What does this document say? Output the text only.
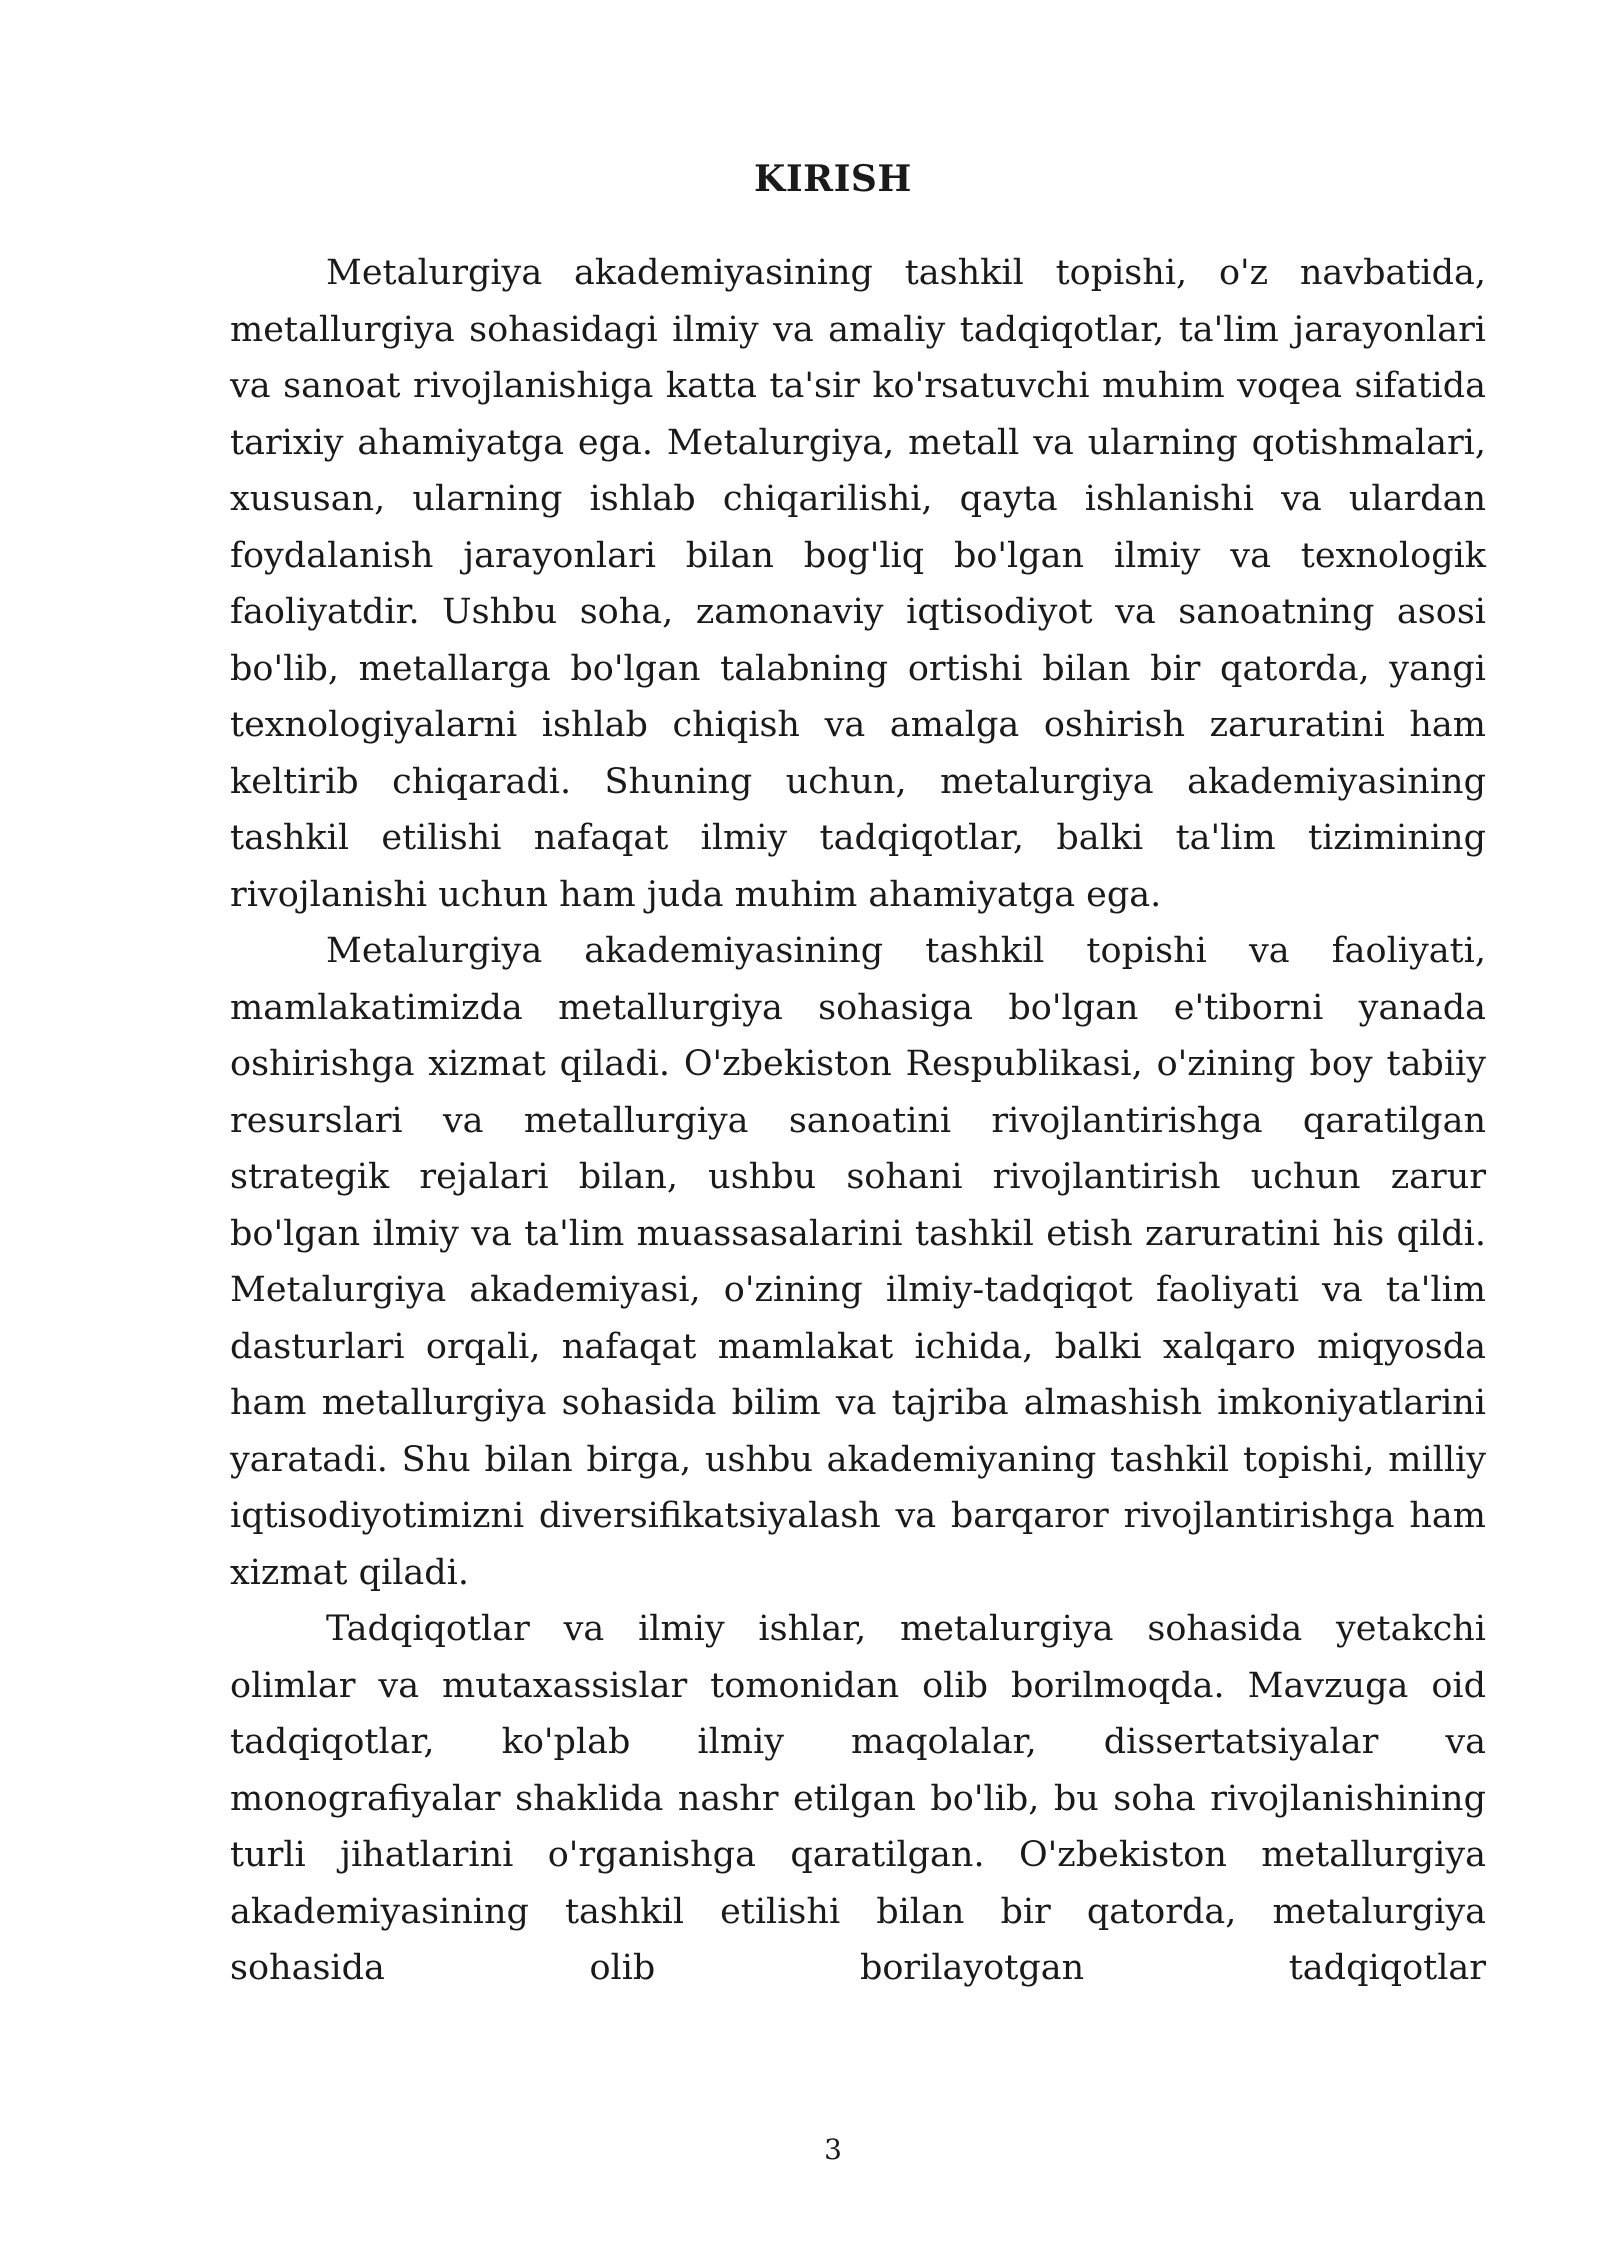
KIRISH

Metalurgiya akademiyasining tashkil topishi, o'z navbatida, metallurgiya sohasidagi ilmiy va amaliy tadqiqotlar, ta'lim jarayonlari va sanoat rivojlanishiga katta ta'sir ko'rsatuvchi muhim voqea sifatida tarixiy ahamiyatga ega. Metalurgiya, metall va ularning qotishmalari, xususan, ularning ishlab chiqarilishi, qayta ishlanishi va ulardan foydalanish jarayonlari bilan bog'liq bo'lgan ilmiy va texnologik faoliyatdir. Ushbu soha, zamonaviy iqtisodiyot va sanoatning asosi bo'lib, metallarga bo'lgan talabning ortishi bilan bir qatorda, yangi texnologiyalarni ishlab chiqish va amalga oshirish zaruratini ham keltirib chiqaradi. Shuning uchun, metalurgiya akademiyasining tashkil etilishi nafaqat ilmiy tadqiqotlar, balki ta'lim tizimining rivojlanishi uchun ham juda muhim ahamiyatga ega.

Metalurgiya akademiyasining tashkil topishi va faoliyati, mamlakatimizda metallurgiya sohasiga bo'lgan e'tiborni yanada oshirishga xizmat qiladi. O'zbekiston Respublikasi, o'zining boy tabiiy resurslari va metallurgiya sanoatini rivojlantirishga qaratilgan strategik rejalari bilan, ushbu sohani rivojlantirish uchun zarur bo'lgan ilmiy va ta'lim muassasalarini tashkil etish zaruratini his qildi. Metalurgiya akademiyasi, o'zining ilmiy-tadqiqot faoliyati va ta'lim dasturlari orqali, nafaqat mamlakat ichida, balki xalqaro miqyosda ham metallurgiya sohasida bilim va tajriba almashish imkoniyatlarini yaratadi. Shu bilan birga, ushbu akademiyaning tashkil topishi, milliy iqtisodiyotimizni diversifikatsiyalash va barqaror rivojlantirishga ham xizmat qiladi.

Tadqiqotlar va ilmiy ishlar, metalurgiya sohasida yetakchi olimlar va mutaxassislar tomonidan olib borilmoqda. Mavzuga oid tadqiqotlar, ko'plab ilmiy maqolalar, dissertatsiyalar va monografiyalar shaklida nashr etilgan bo'lib, bu soha rivojlanishining turli jihatlarini o'rganishga qaratilgan. O'zbekiston metallurgiya akademiyasining tashkil etilishi bilan bir qatorda, metalurgiya sohasida olib borilayotgan tadqiqotlar

3
